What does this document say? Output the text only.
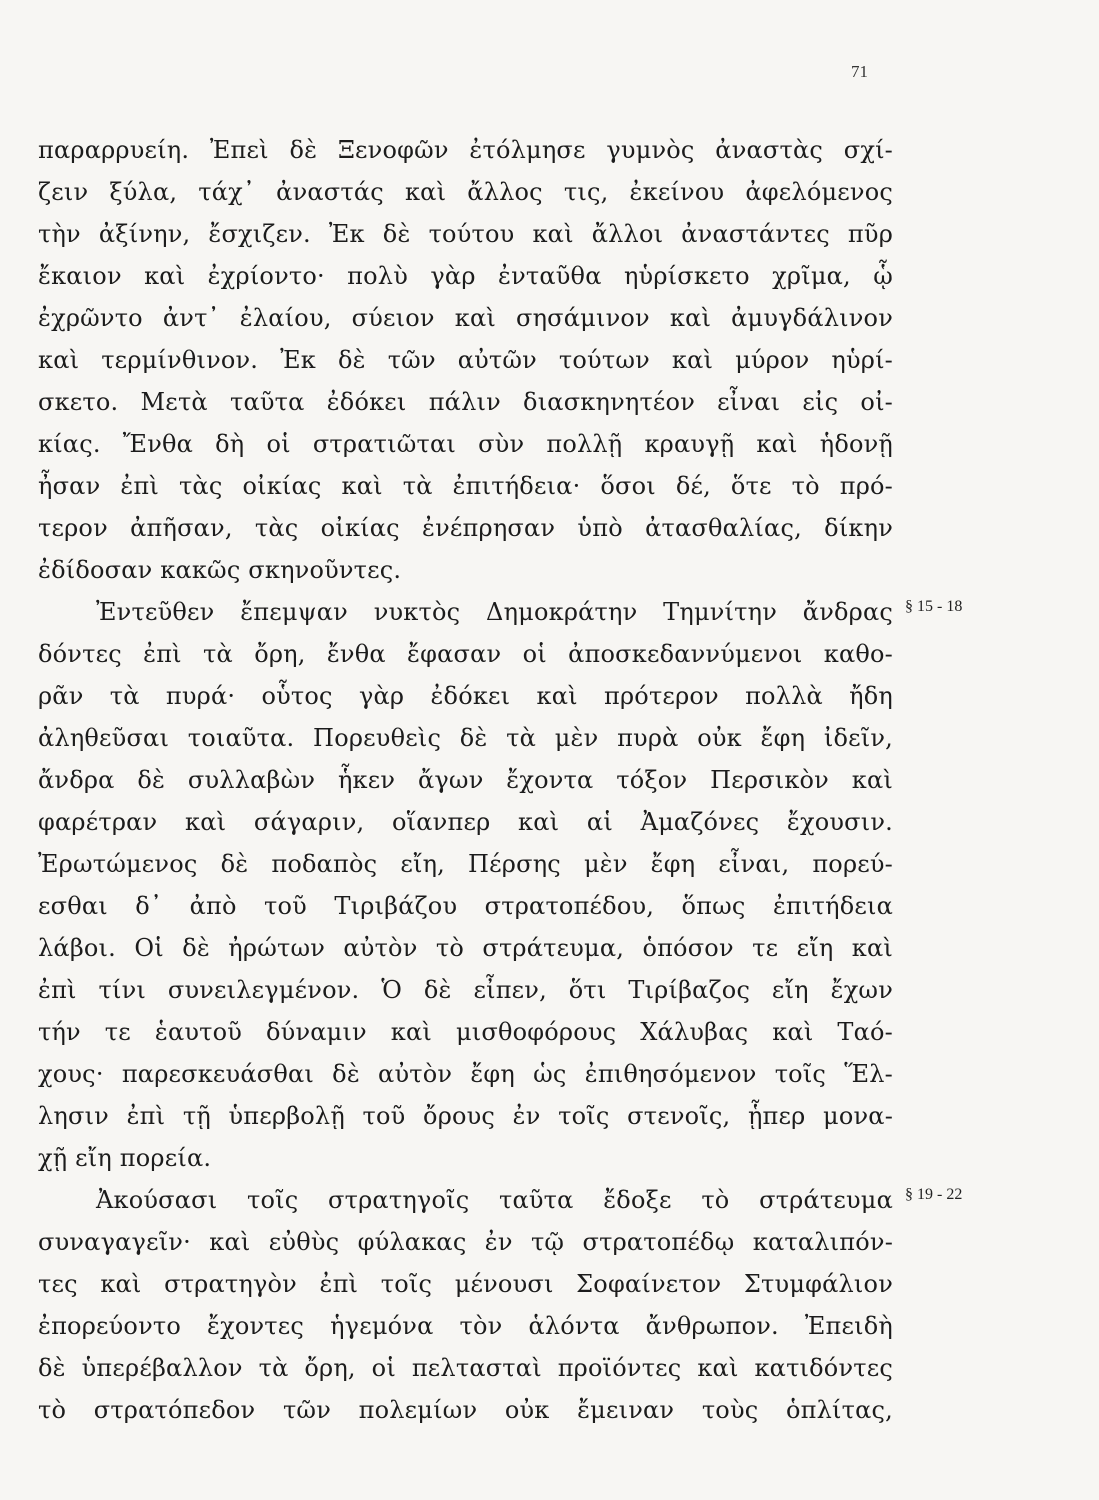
71
παραρρυείη. Ἐπεὶ δὲ Ξενοφῶν ἐτόλμησε γυμνὸς ἀναστὰς σχί-
ζειν ξύλα, τάχ᾽ ἀναστάς καὶ ἄλλος τις, ἐκείνου ἀφελόμενος
τὴν ἀξίνην, ἔσχιζεν. Ἐκ δὲ τούτου καὶ ἄλλοι ἀναστάντες πῦρ
ἔκαιον καὶ ἐχρίοντο· πολὺ γὰρ ἐνταῦθα ηὑρίσκετο χρῖμα, ᾧ
ἐχρῶντο ἀντ᾽ ἐλαίου, σύειον καὶ σησάμινον καὶ ἀμυγδάλινον
καὶ τερμίνθινον. Ἐκ δὲ τῶν αὐτῶν τούτων καὶ μύρον ηὑρί-
σκετο. Μετὰ ταῦτα ἐδόκει πάλιν διασκηνητέον εἶναι εἰς οἰ-
κίας. Ἔνθα δὴ οἱ στρατιῶται σὺν πολλῇ κραυγῇ καὶ ἡδονῇ
ἦσαν ἐπὶ τὰς οἰκίας καὶ τὰ ἐπιτήδεια· ὅσοι δέ, ὅτε τὸ πρό-
τερον ἀπῆσαν, τὰς οἰκίας ἐνέπρησαν ὑπὸ ἀτασθαλίας, δίκην
ἐδίδοσαν κακῶς σκηνοῦντες.
Ἐντεῦθεν ἔπεμψαν νυκτὸς Δημοκράτην Τημνίτην ἄνδρας § 15 - 18
δόντες ἐπὶ τὰ ὄρη, ἔνθα ἔφασαν οἱ ἀποσκεδαννύμενοι καθο-
ρᾶν τὰ πυρά· οὗτος γὰρ ἐδόκει καὶ πρότερον πολλὰ ἤδη
ἀληθεῦσαι τοιαῦτα. Πορευθεὶς δὲ τὰ μὲν πυρὰ οὐκ ἔφη ἰδεῖν,
ἄνδρα δὲ συλλαβὼν ἧκεν ἄγων ἔχοντα τόξον Περσικὸν καὶ
φαρέτραν καὶ σάγαριν, οἵανπερ καὶ αἱ Ἀμαζόνες ἔχουσιν.
Ἐρωτώμενος δὲ ποδαπὸς εἴη, Πέρσης μὲν ἔφη εἶναι, πορεύ-
εσθαι δ᾽ ἀπὸ τοῦ Τιριβάζου στρατοπέδου, ὅπως ἐπιτήδεια
λάβοι. Οἱ δὲ ἠρώτων αὐτὸν τὸ στράτευμα, ὁπόσον τε εἴη καὶ
ἐπὶ τίνι συνειλεγμένον. Ὁ δὲ εἶπεν, ὅτι Τιρίβαζος εἴη ἔχων
τήν τε ἑαυτοῦ δύναμιν καὶ μισθοφόρους Χάλυβας καὶ Ταό-
χους· παρεσκευάσθαι δὲ αὐτὸν ἔφη ὡς ἐπιθησόμενον τοῖς Ἕλ-
λησιν ἐπὶ τῇ ὑπερβολῇ τοῦ ὄρους ἐν τοῖς στενοῖς, ᾗπερ μονα-
χῇ εἴη πορεία.
Ἀκούσασι τοῖς στρατηγοῖς ταῦτα ἔδοξε τὸ στράτευμα § 19 - 22
συναγαγεῖν· καὶ εὐθὺς φύλακας ἐν τῷ στρατοπέδῳ καταλιπόν-
τες καὶ στρατηγὸν ἐπὶ τοῖς μένουσι Σοφαίνετον Στυμφάλιον
ἐπορεύοντο ἔχοντες ἡγεμόνα τὸν ἁλόντα ἄνθρωπον. Ἐπειδὴ
δὲ ὑπερέβαλλον τὰ ὄρη, οἱ πελτασταὶ προϊόντες καὶ κατιδόντες
τὸ στρατόπεδον τῶν πολεμίων οὐκ ἔμειναν τοὺς ὁπλίτας,
